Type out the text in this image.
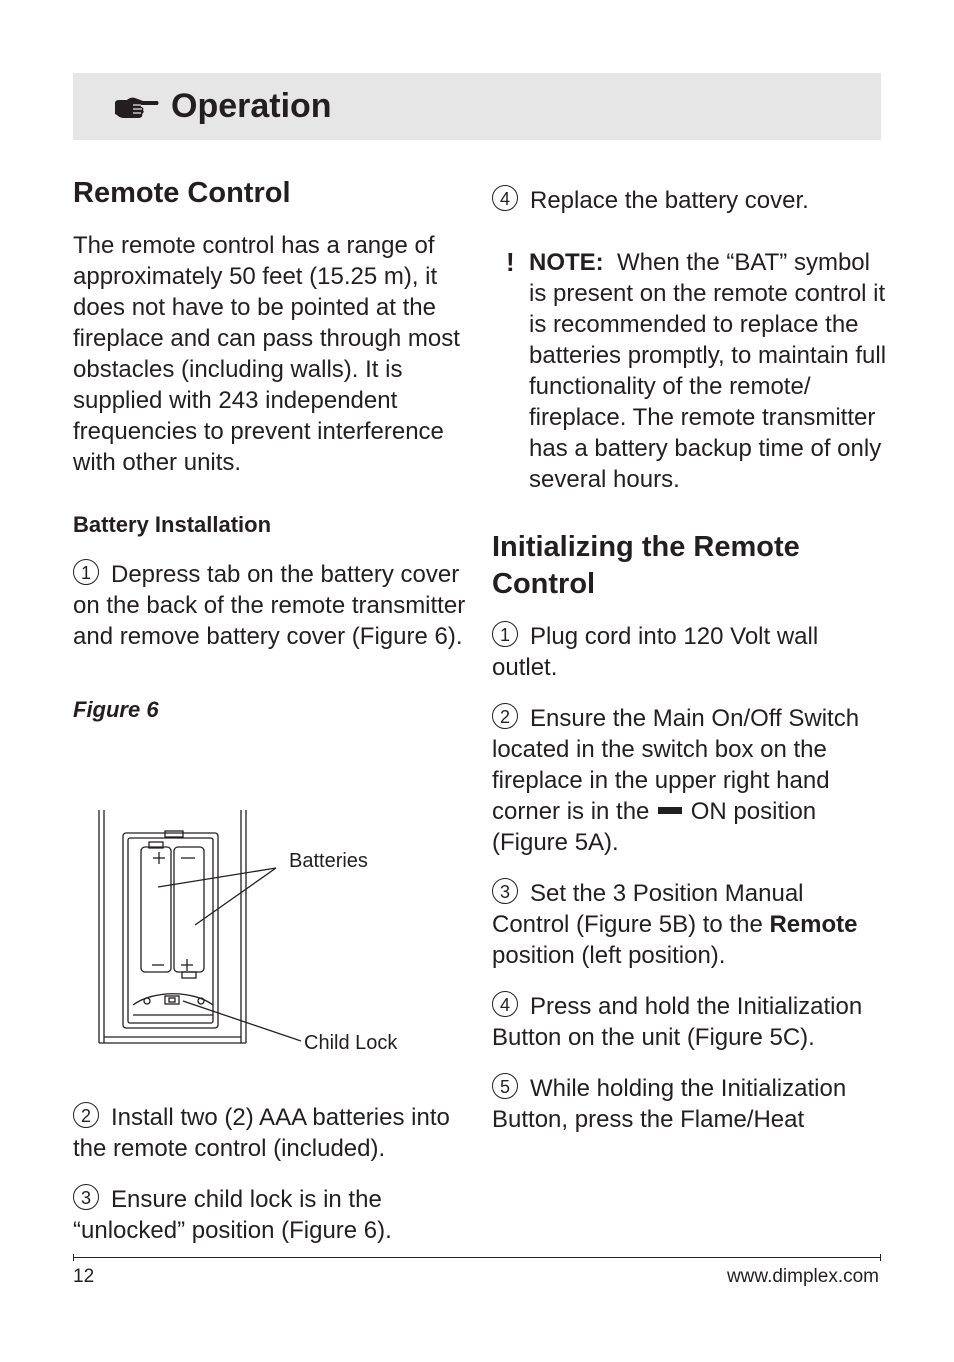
Operation
Remote Control

The remote control has a range of approximately 50 feet (15.25 m), it does not have to be pointed at the fireplace and can pass through most obstacles (including walls). It is supplied with 243 independent frequencies to prevent interference with other units.

Battery Installation

1 Depress tab on the battery cover on the back of the remote transmitter and remove battery cover (Figure 6).

Figure 6

Batteries
Child Lock

2 Install two (2) AAA batteries into the remote control (included).

3 Ensure child lock is in the “unlocked” position (Figure 6).

4 Replace the battery cover.

! NOTE: When the “BAT” symbol is present on the remote control it is recommended to replace the batteries promptly, to maintain full functionality of the remote/ fireplace. The remote transmitter has a battery backup time of only several hours.

Initializing the Remote Control

1 Plug cord into 120 Volt wall outlet.

2 Ensure the Main On/Off Switch located in the switch box on the fireplace in the upper right hand corner is in the ON position (Figure 5A).

3 Set the 3 Position Manual Control (Figure 5B) to the Remote position (left position).

4 Press and hold the Initialization Button on the unit (Figure 5C).

5 While holding the Initialization Button, press the Flame/Heat

12	www.dimplex.com
